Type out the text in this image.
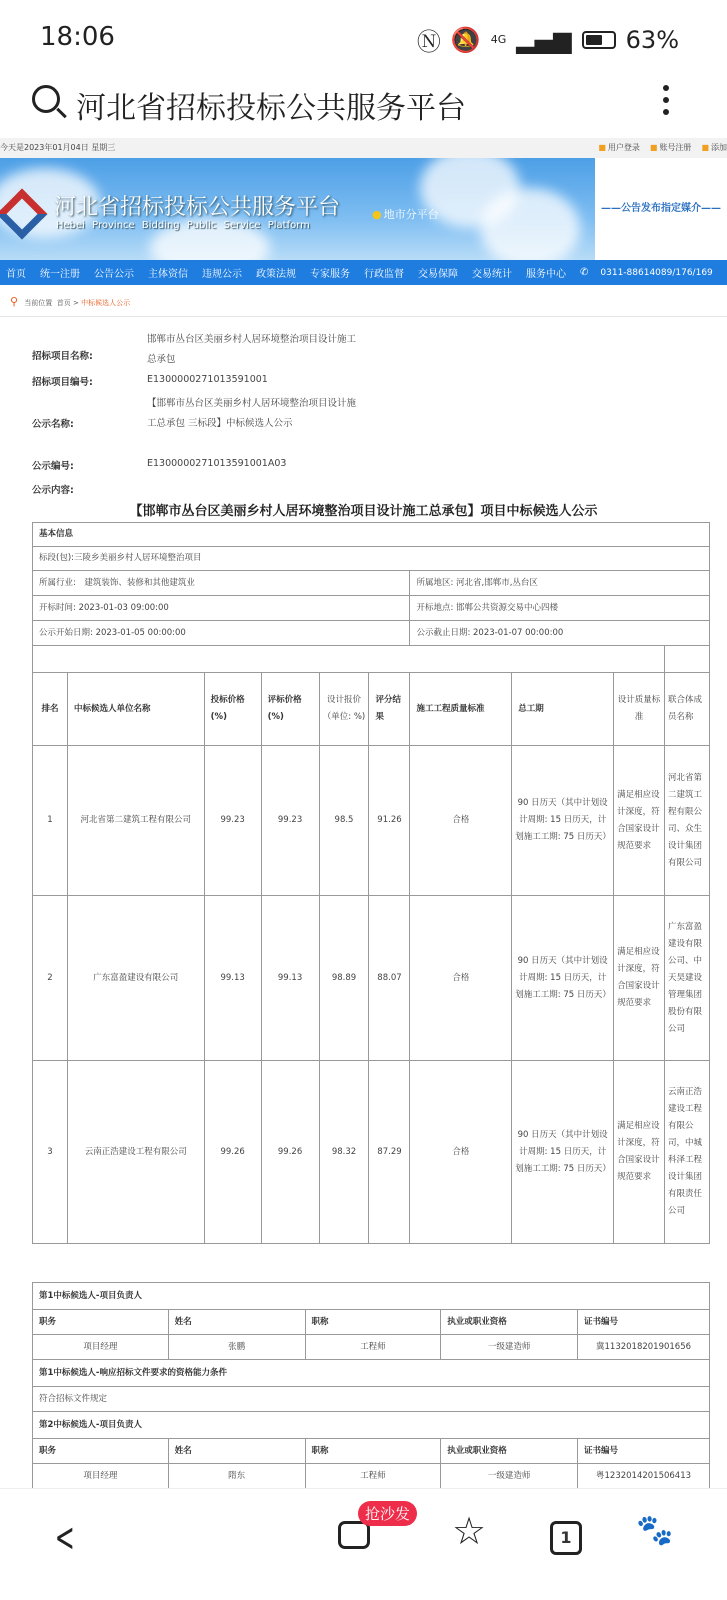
18:06	Ⓝ 🔕 4G ▂▄▆ 63%
河北省招标投标公共服务平台
今天是2023年01月04日 星期三	■ 用户登录	■ 账号注册	■ 添加
河北省招标投标公共服务平台
Hebei Province Bidding Public Service Platform
● 地市分平台	——公告发布指定媒介——
首页 统一注册 公告公示 主体资信 违规公示 政策法规 专家服务 行政监督 交易保障 交易统计 服务中心 ✆ 0311-88614089/176/169
⚲ 当前位置 首页 > 中标候选人公示
招标项目名称:
邯郸市丛台区美丽乡村人居环境整治项目设计施工总承包
招标项目编号:	E1300000271013591001
公示名称:
【邯郸市丛台区美丽乡村人居环境整治项目设计施工总承包 三标段】中标候选人公示
公示编号:	E1300000271013591001A03
公示内容:
【邯郸市丛台区美丽乡村人居环境整治项目设计施工总承包】项目中标候选人公示
基本信息									
标段(包):三陵乡美丽乡村人居环境整治项目									
所属行业:　建筑装饰、装修和其他建筑业						所属地区: 河北省,邯郸市,丛台区			
开标时间: 2023-01-03 09:00:00						开标地点: 邯郸公共资源交易中心四楼			
公示开始日期: 2023-01-05 00:00:00						公示截止日期: 2023-01-07 00:00:00			

排名	中标候选人单位名称	投标价格(%)	评标价格(%)	设计报价（单位: %)	评分结果	施工工程质量标准	总工期	设计质量标准	联合体成员名称
1	河北省第二建筑工程有限公司	99.23	99.23	98.5	91.26	合格	90 日历天（其中计划设计周期: 15 日历天，计划施工工期: 75 日历天）	满足相应设计深度，符合国家设计规范要求	河北省第二建筑工程有限公司、众生设计集团有限公司
2	广东富盈建设有限公司	99.13	99.13	98.89	88.07	合格	90 日历天（其中计划设计周期: 15 日历天，计划施工工期: 75 日历天）	满足相应设计深度，符合国家设计规范要求	广东富盈建设有限公司、中天昊建设管理集团股份有限公司
3	云南正浩建设工程有限公司	99.26	99.26	98.32	87.29	合格	90 日历天（其中计划设计周期: 15 日历天，计划施工工期: 75 日历天）	满足相应设计深度，符合国家设计规范要求	云南正浩建设工程有限公司，中城科泽工程设计集团有限责任公司
第1中标候选人-项目负责人				
职务	姓名	职称	执业或职业资格	证书编号
项目经理	张鹏	工程师	一级建造师	冀1132018201901656
第1中标候选人-响应招标文件要求的资格能力条件				
符合招标文件规定				
第2中标候选人-项目负责人				
职务	姓名	职称	执业或职业资格	证书编号
项目经理	隋东	工程师	一级建造师	粤1232014201506413
<
抢沙发 ☆	1	🐾
